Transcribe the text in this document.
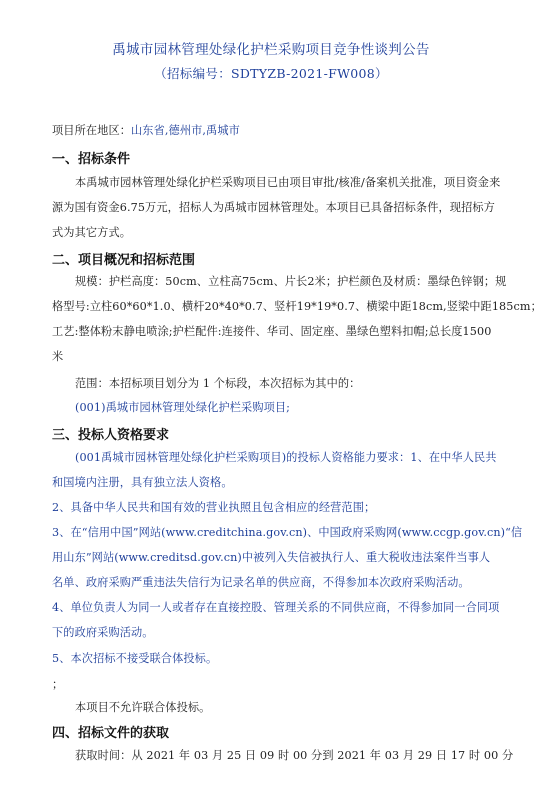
禹城市园林管理处绿化护栏采购项目竞争性谈判公告
（招标编号：SDTYZB-2021-FW008）
项目所在地区：山东省,德州市,禹城市
一、招标条件
本禹城市园林管理处绿化护栏采购项目已由项目审批/核准/备案机关批准，项目资金来
源为国有资金6.75万元，招标人为禹城市园林管理处。本项目已具备招标条件，现招标方
式为其它方式。
二、项目概况和招标范围
规模：护栏高度：50cm、立柱高75cm、片长2米；护栏颜色及材质：墨绿色锌钢；规
格型号:立柱60*60*1.0、横杆20*40*0.7、竖杆19*19*0.7、横梁中距18cm,竖梁中距185cm；
工艺:整体粉末静电喷涂;护栏配件:连接件、华司、固定座、墨绿色塑料扣帽;总长度1500
米
范围：本招标项目划分为 1 个标段，本次招标为其中的：
(001)禹城市园林管理处绿化护栏采购项目;
三、投标人资格要求
(001禹城市园林管理处绿化护栏采购项目)的投标人资格能力要求：1、在中华人民共
和国境内注册，具有独立法人资格。
2、具备中华人民共和国有效的营业执照且包含相应的经营范围；
3、在“信用中国”网站(www.creditchina.gov.cn)、中国政府采购网(www.ccgp.gov.cn)“信
用山东”网站(www.creditsd.gov.cn)中被列入失信被执行人、重大税收违法案件当事人
名单、政府采购严重违法失信行为记录名单的供应商，不得参加本次政府采购活动。
4、单位负责人为同一人或者存在直接控股、管理关系的不同供应商，不得参加同一合同项
下的政府采购活动。
5、本次招标不接受联合体投标。
；
本项目不允许联合体投标。
四、招标文件的获取
获取时间：从 2021 年 03 月 25 日 09 时 00 分到 2021 年 03 月 29 日 17 时 00 分
